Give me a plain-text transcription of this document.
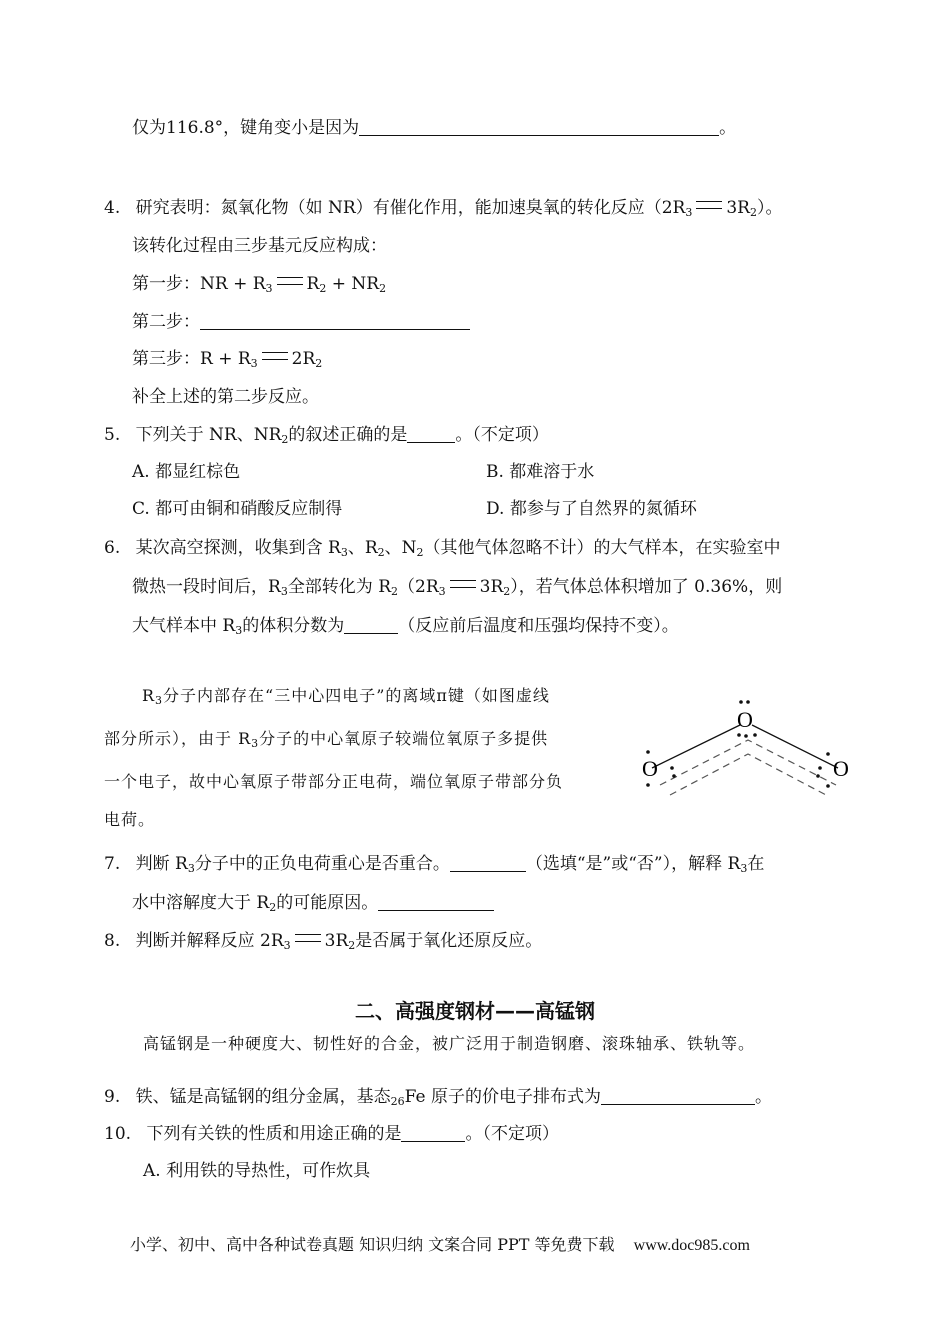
仅为116.8°，键角变小是因为	。
4. 研究表明：氮氧化物（如 NR）有催化作用，能加速臭氧的转化反应（$2R_3$ $3R_2$）。
该转化过程由三步基元反应构成：
第一步：NR + $R_3$ $R_2 + NR_2$
第二步：
第三步：$R + R_3$ $2R_2$
补全上述的第二步反应。
5. 下列关于 NR、$NR_2$的叙述正确的是	。（不定项）
A. 都显红棕色	B. 都难溶于水
C. 都可由铜和硝酸反应制得	D. 都参与了自然界的氮循环
6. 某次高空探测，收集到含 $R_3$、$R_2$、$N_2$（其他气体忽略不计）的大气样本，在实验室中
微热一段时间后，$R_3$全部转化为 $R_2(2R_3$ $3R_2$），若气体总体积增加了 0.36%，则
大气样本中 $R_3$的体积分数为	（反应前后温度和压强均保持不变）。
$R_3$分子内部存在“三中心四电子”的离域π键（如图虚线
部分所示），由于 $R_3$分子的中心氧原子较端位氧原子多提供
一个电子，故中心氧原子带部分正电荷，端位氧原子带部分负
电荷。
O
O	O
7. 判断 $R_3$分子中的正负电荷重心是否重合。	（选填“是”或“否”），解释 $R_3$在
水中溶解度大于 $R_2$的可能原因。
8. 判断并解释反应 $2R_3$ $3R_2$是否属于氧化还原反应。
二、高强度钢材——高锰钢
高锰钢是一种硬度大、韧性好的合金，被广泛用于制造钢磨、滚珠轴承、铁轨等。
9. 铁、锰是高锰钢的组分金属，基态$_{26}$Fe 原子的价电子排布式为	。
10. 下列有关铁的性质和用途正确的是	。（不定项）
A. 利用铁的导热性，可作炊具
小学、初中、高中各种试卷真题 知识归纳 文案合同 PPT 等免费下载 www.doc985.com
